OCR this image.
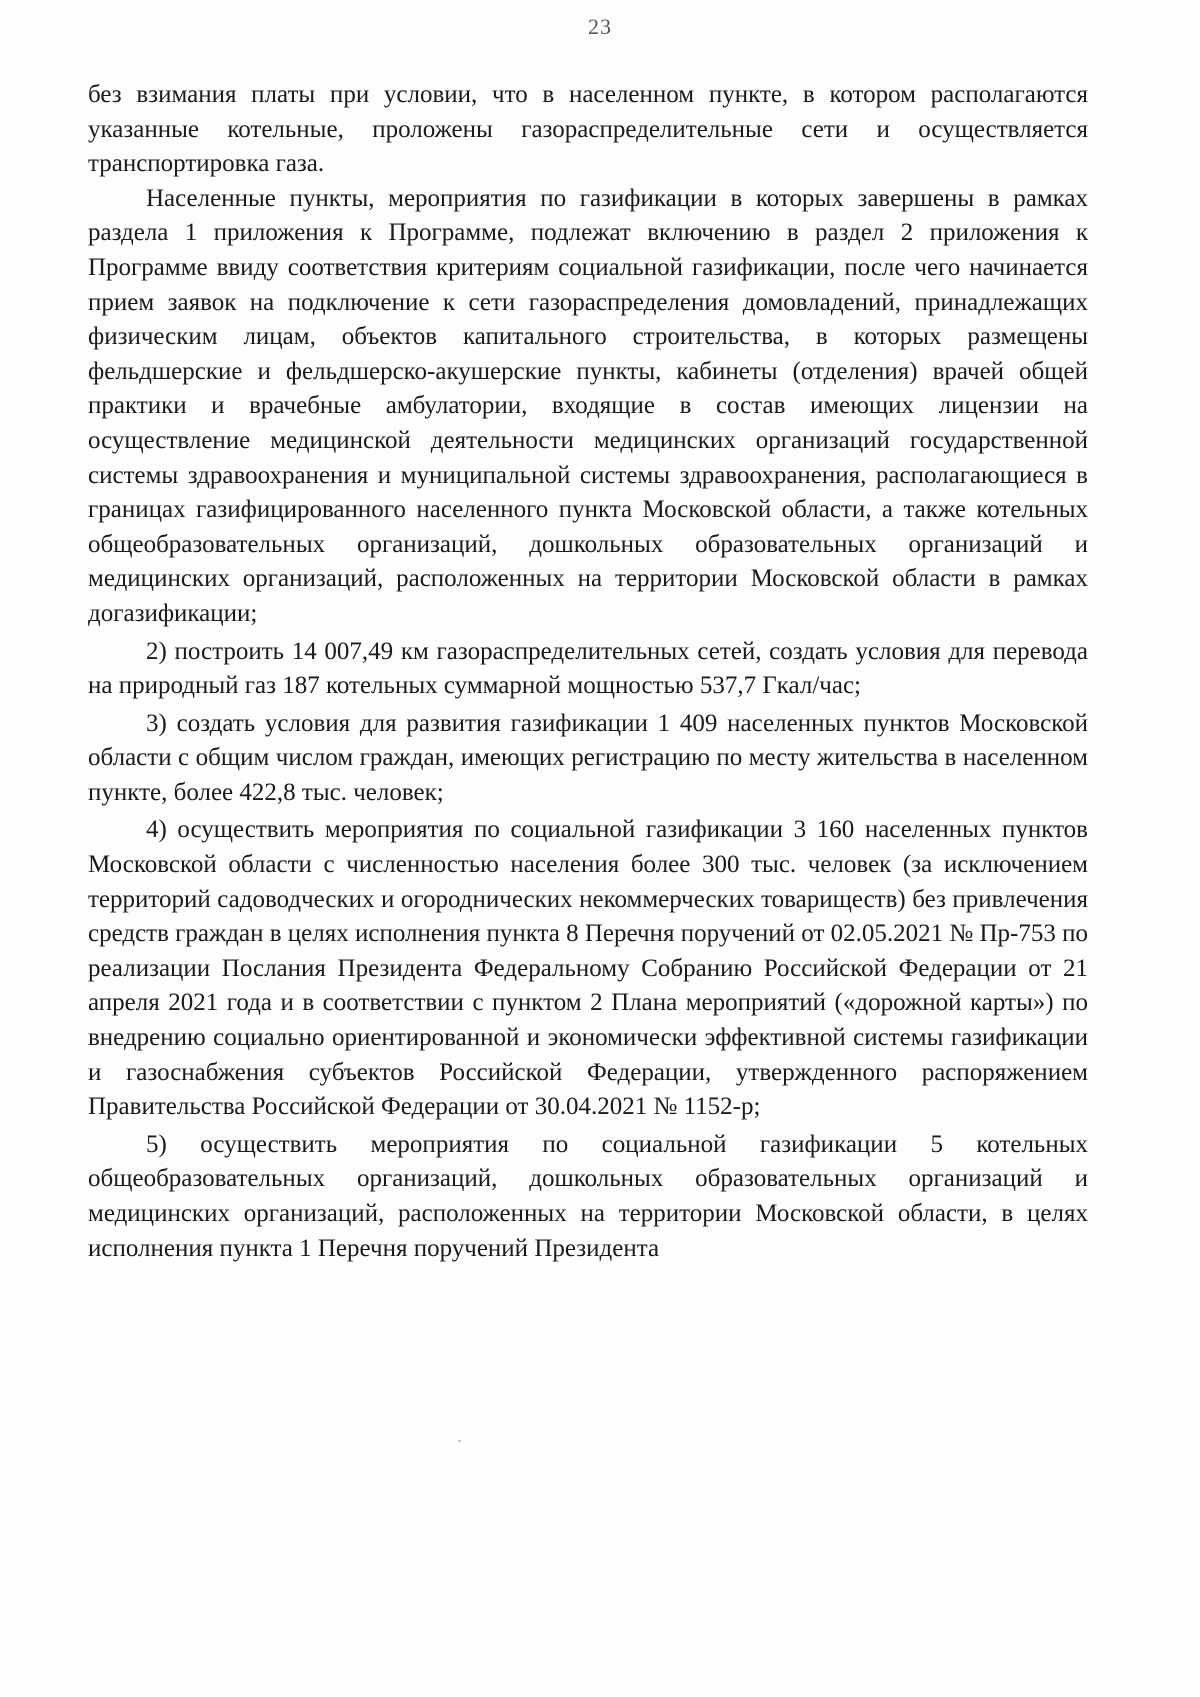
23

без взимания платы при условии, что в населенном пункте, в котором располагаются указанные котельные, проложены газораспределительные сети и осуществляется транспортировка газа.

Населенные пункты, мероприятия по газификации в которых завершены в рамках раздела 1 приложения к Программе, подлежат включению в раздел 2 приложения к Программе ввиду соответствия критериям социальной газификации, после чего начинается прием заявок на подключение к сети газораспределения домовладений, принадлежащих физическим лицам, объектов капитального строительства, в которых размещены фельдшерские и фельдшерско-акушерские пункты, кабинеты (отделения) врачей общей практики и врачебные амбулатории, входящие в состав имеющих лицензии на осуществление медицинской деятельности медицинских организаций государственной системы здравоохранения и муниципальной системы здравоохранения, располагающиеся в границах газифицированного населенного пункта Московской области, а также котельных общеобразовательных организаций, дошкольных образовательных организаций и медицинских организаций, расположенных на территории Московской области в рамках догазификации;

2) построить 14 007,49 км газораспределительных сетей, создать условия для перевода на природный газ 187 котельных суммарной мощностью 537,7 Гкал/час;

3) создать условия для развития газификации 1 409 населенных пунктов Московской области с общим числом граждан, имеющих регистрацию по месту жительства в населенном пункте, более 422,8 тыс. человек;

4) осуществить мероприятия по социальной газификации 3 160 населенных пунктов Московской области с численностью населения более 300 тыс. человек (за исключением территорий садоводческих и огороднических некоммерческих товариществ) без привлечения средств граждан в целях исполнения пункта 8 Перечня поручений от 02.05.2021 № Пр-753 по реализации Послания Президента Федеральному Собранию Российской Федерации от 21 апреля 2021 года и в соответствии с пунктом 2 Плана мероприятий («дорожной карты») по внедрению социально ориентированной и экономически эффективной системы газификации и газоснабжения субъектов Российской Федерации, утвержденного распоряжением Правительства Российской Федерации от 30.04.2021 № 1152-р;

5) осуществить мероприятия по социальной газификации 5 котельных общеобразовательных организаций, дошкольных образовательных организаций и медицинских организаций, расположенных на территории Московской области, в целях исполнения пункта 1 Перечня поручений Президента
